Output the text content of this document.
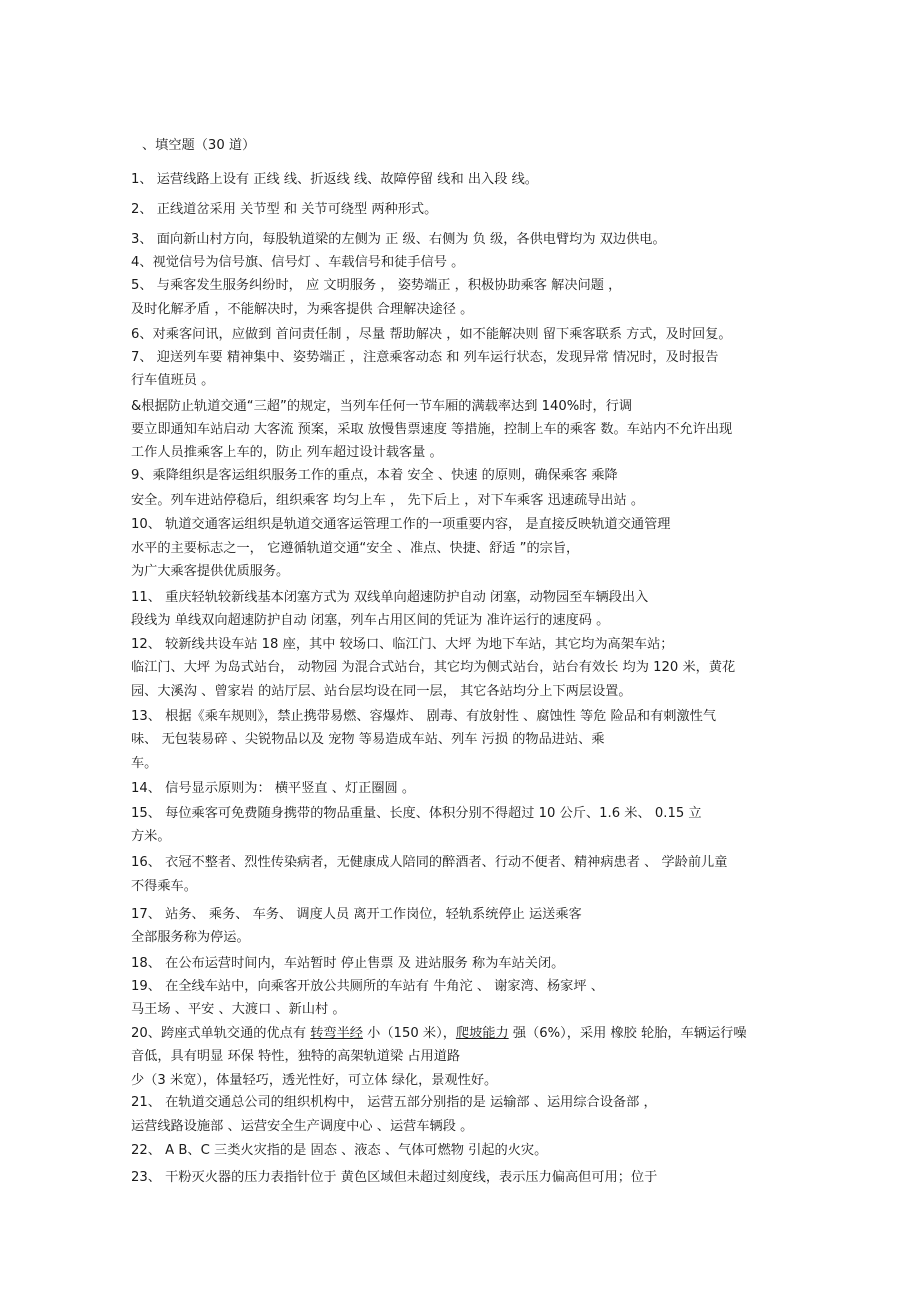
、填空题（30 道）
1、 运营线路上设有 正线 线、折返线 线、故障停留 线和 出入段 线。
2、 正线道岔采用 关节型 和 关节可绕型 两种形式。
3、 面向新山村方向，每股轨道梁的左侧为 正 级、右侧为 负 级，各供电臂均为 双边供电。
4、视觉信号为信号旗、信号灯 、车载信号和徒手信号 。
5、 与乘客发生服务纠纷时， 应 文明服务 ， 姿势端正 ，积极协助乘客 解决问题 ，
及时化解矛盾 ，不能解决时，为乘客提供 合理解决途径 。
6、对乘客问讯，应做到 首问责任制 ，尽量 帮助解决 ，如不能解决则 留下乘客联系 方式，及时回复。
7、 迎送列车要 精神集中、姿势端正 ，注意乘客动态 和 列车运行状态，发现异常 情况时，及时报告
行车值班员 。
&根据防止轨道交通“三超”的规定，当列车任何一节车厢的满载率达到 140%时，行调
要立即通知车站启动 大客流 预案，采取 放慢售票速度 等措施，控制上车的乘客 数。车站内不允许出现
工作人员推乘客上车的，防止 列车超过设计载客量 。
9、乘降组织是客运组织服务工作的重点，本着 安全 、快速 的原则，确保乘客 乘降
安全。列车进站停稳后，组织乘客 均匀上车 ， 先下后上 ，对下车乘客 迅速疏导出站 。
10、 轨道交通客运组织是轨道交通客运管理工作的一项重要内容， 是直接反映轨道交通管理
水平的主要标志之一， 它遵循轨道交通“安全 、准点、快捷、舒适 ”的宗旨，
为广大乘客提供优质服务。
11、 重庆轻轨较新线基本闭塞方式为 双线单向超速防护自动 闭塞，动物园至车辆段出入
段线为 单线双向超速防护自动 闭塞，列车占用区间的凭证为 准许运行的速度码 。
12、 较新线共设车站 18 座，其中 较场口、临江门、大坪 为地下车站，其它均为高架车站；
临江门、大坪 为岛式站台， 动物园 为混合式站台，其它均为侧式站台，站台有效长 均为 120 米，黄花
园、大溪沟 、曾家岩 的站厅层、站台层均设在同一层， 其它各站均分上下两层设置。
13、 根据《乘车规则》，禁止携带易燃、容爆炸、 剧毒、有放射性 、腐蚀性 等危 险品和有刺激性气
味、 无包装易碎 、尖锐物品以及 宠物 等易造成车站、列车 污损 的物品进站、乘
车。
14、 信号显示原则为： 横平竖直 、灯正圈圆 。
15、 每位乘客可免费随身携带的物品重量、长度、体积分别不得超过 10 公斤、1.6 米、 0.15 立
方米。
16、 衣冠不整者、烈性传染病者，无健康成人陪同的醉酒者、行动不便者、精神病患者 、 学龄前儿童
不得乘车。
17、 站务、 乘务、 车务、 调度人员 离开工作岗位，轻轨系统停止 运送乘客
全部服务称为停运。
18、 在公布运营时间内，车站暂时 停止售票 及 进站服务 称为车站关闭。
19、 在全线车站中，向乘客开放公共厕所的车站有 牛角沱 、 谢家湾、杨家坪 、
马王场 、平安 、大渡口 、新山村 。
20、跨座式单轨交通的优点有 转弯半经 小（150 米），爬坡能力 强（6%），采用 橡胶 轮胎，车辆运行噪
音低，具有明显 环保 特性，独特的高架轨道梁 占用道路
少（3 米宽），体量轻巧，透光性好，可立体 绿化，景观性好。
21、 在轨道交通总公司的组织机构中， 运营五部分别指的是 运输部 、运用综合设备部 ，
运营线路设施部 、运营安全生产调度中心 、运营车辆段 。
22、 A B、C 三类火灾指的是 固态 、液态 、气体可燃物 引起的火灾。
23、 干粉灭火器的压力表指针位于 黄色区域但未超过刻度线，表示压力偏高但可用；位于
